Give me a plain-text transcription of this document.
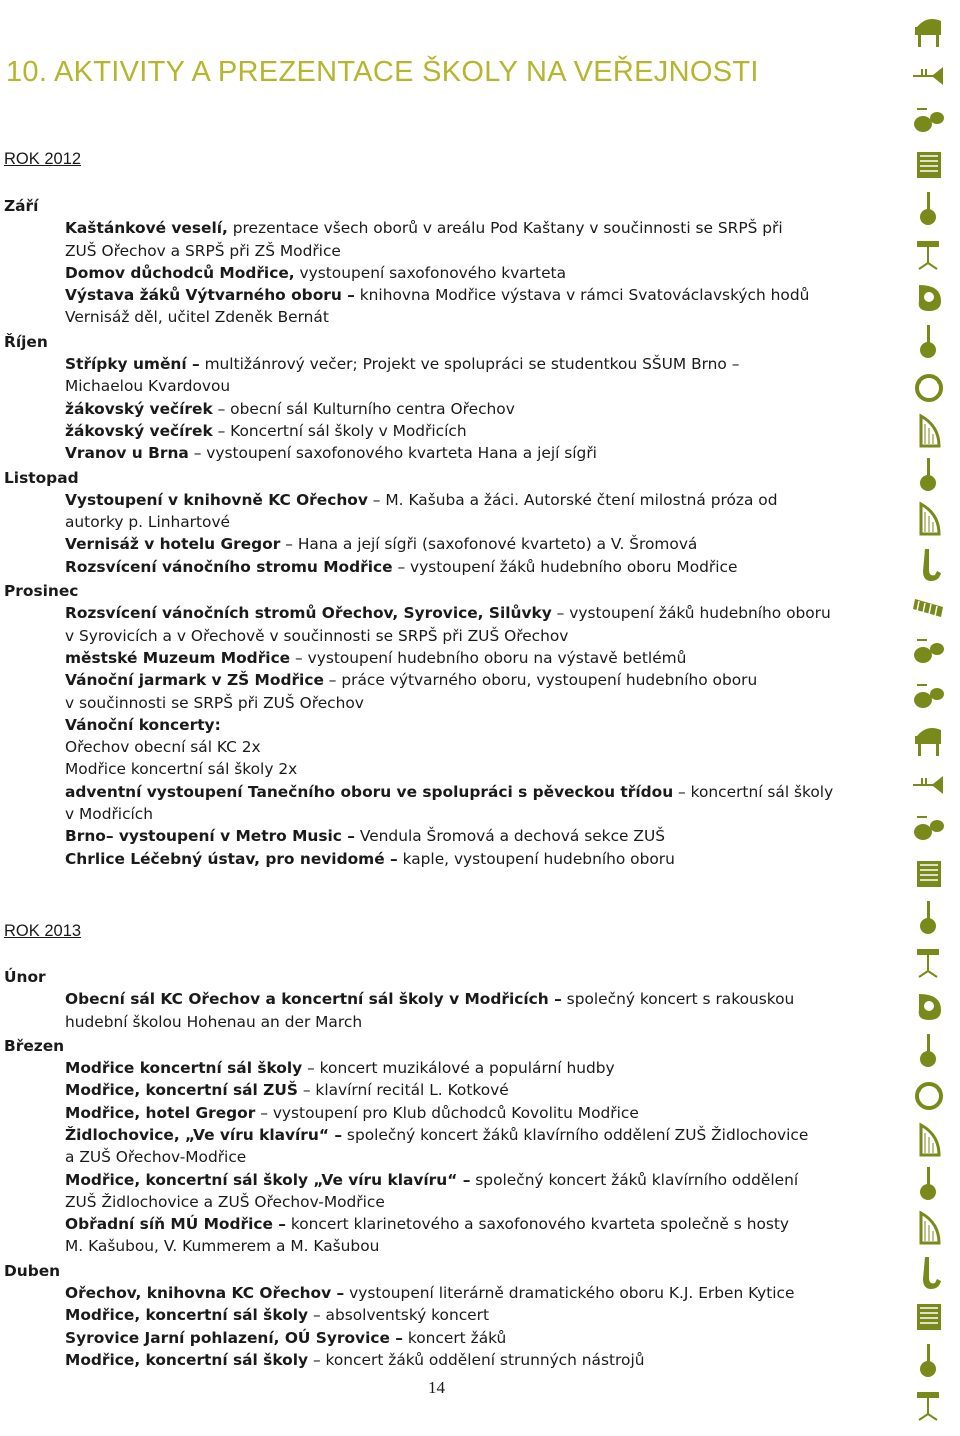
10. AKTIVITY A PREZENTACE ŠKOLY NA VEŘEJNOSTI
ROK 2012
Září
Kaštánkové veselí, prezentace všech oborů v areálu Pod Kaštany v součinnosti se SRPŠ při
ZUŠ Ořechov a SRPŠ při ZŠ Modřice
Domov důchodců Modřice, vystoupení saxofonového kvarteta
Výstava žáků Výtvarného oboru – knihovna Modřice výstava v rámci Svatováclavských hodů
Vernisáž děl, učitel Zdeněk Bernát
Říjen
Střípky umění – multižánrový večer; Projekt ve spolupráci se studentkou SŠUM Brno –
Michaelou Kvardovou
žákovský večírek – obecní sál Kulturního centra Ořechov
žákovský večírek – Koncertní sál školy v Modřicích
Vranov u Brna – vystoupení saxofonového kvarteta Hana a její sígři
Listopad
Vystoupení v knihovně KC Ořechov – M. Kašuba a žáci. Autorské čtení milostná próza od
autorky p. Linhartové
Vernisáž v hotelu Gregor – Hana a její sígři (saxofonové kvarteto) a V. Šromová
Rozsvícení vánočního stromu Modřice – vystoupení žáků hudebního oboru Modřice
Prosinec
Rozsvícení vánočních stromů Ořechov, Syrovice, Silůvky – vystoupení žáků hudebního oboru
v Syrovicích a v Ořechově v součinnosti se SRPŠ při ZUŠ Ořechov
městské Muzeum Modřice – vystoupení hudebního oboru na výstavě betlémů
Vánoční jarmark v ZŠ Modřice – práce výtvarného oboru, vystoupení hudebního oboru
v součinnosti se SRPŠ při ZUŠ Ořechov
Vánoční koncerty:
Ořechov obecní sál KC 2x
Modřice koncertní sál školy 2x
adventní vystoupení Tanečního oboru ve spolupráci s pěveckou třídou – koncertní sál školy
v Modřicích
Brno– vystoupení v Metro Music – Vendula Šromová a dechová sekce ZUŠ
Chrlice Léčebný ústav, pro nevidomé – kaple, vystoupení hudebního oboru
ROK 2013
Únor
Obecní sál KC Ořechov a koncertní sál školy v Modřicích – společný koncert s rakouskou
hudební školou Hohenau an der March
Březen
Modřice koncertní sál školy – koncert muzikálové a populární hudby
Modřice, koncertní sál ZUŠ – klavírní recitál L. Kotkové
Modřice, hotel Gregor – vystoupení pro Klub důchodců Kovolitu Modřice
Židlochovice, „Ve víru klavíru“ – společný koncert žáků klavírního oddělení ZUŠ Židlochovice
a ZUŠ Ořechov-Modřice
Modřice, koncertní sál školy „Ve víru klavíru“ – společný koncert žáků klavírního oddělení
ZUŠ Židlochovice a ZUŠ Ořechov-Modřice
Obřadní síň MÚ Modřice – koncert klarinetového a saxofonového kvarteta společně s hosty
M. Kašubou, V. Kummerem a M. Kašubou
Duben
Ořechov, knihovna KC Ořechov – vystoupení literárně dramatického oboru K.J. Erben Kytice
Modřice, koncertní sál školy – absolventský koncert
Syrovice Jarní pohlazení, OÚ Syrovice – koncert žáků
Modřice, koncertní sál školy – koncert žáků oddělení strunných nástrojů
14
